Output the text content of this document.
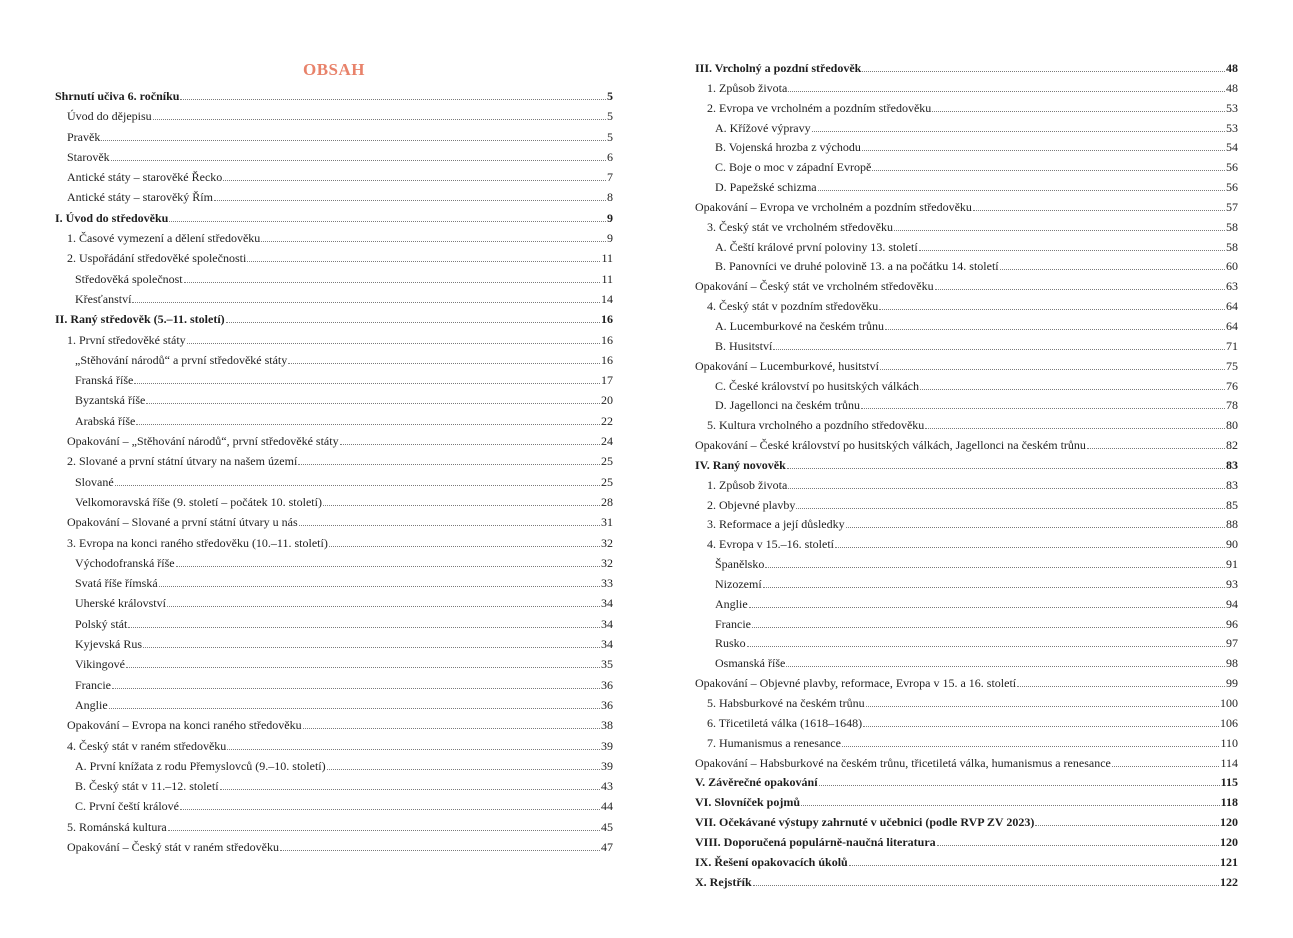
OBSAH
Shrnutí učiva 6. ročníku	5
Úvod do dějepisu	5
Pravěk	5
Starověk	6
Antické státy – starověké Řecko	7
Antické státy – starověký Řím	8
I. Úvod do středověku	9
1. Časové vymezení a dělení středověku	9
2. Uspořádání středověké společnosti	11
Středověká společnost	11
Křesťanství	14
II. Raný středověk (5.–11. století)	16
1. První středověké státy	16
„Stěhování národů“ a první středověké státy	16
Franská říše	17
Byzantská říše	20
Arabská říše	22
Opakování – „Stěhování národů“, první středověké státy	24
2. Slované a první státní útvary na našem území	25
Slované	25
Velkomoravská říše (9. století – počátek 10. století)	28
Opakování – Slované a první státní útvary u nás	31
3. Evropa na konci raného středověku (10.–11. století)	32
Východofranská říše	32
Svatá říše římská	33
Uherské království	34
Polský stát	34
Kyjevská Rus	34
Vikingové	35
Francie	36
Anglie	36
Opakování – Evropa na konci raného středověku	38
4. Český stát v raném středověku	39
A. První knížata z rodu Přemyslovců (9.–10. století)	39
B. Český stát v 11.–12. století	43
C. První čeští králové	44
5. Románská kultura	45
Opakování – Český stát v raném středověku	47
III. Vrcholný a pozdní středověk	48
1. Způsob života	48
2. Evropa ve vrcholném a pozdním středověku	53
A. Křížové výpravy	53
B. Vojenská hrozba z východu	54
C. Boje o moc v západní Evropě	56
D. Papežské schizma	56
Opakování – Evropa ve vrcholném a pozdním středověku	57
3. Český stát ve vrcholném středověku	58
A. Čeští králové první poloviny 13. století	58
B. Panovníci ve druhé polovině 13. a na počátku 14. století	60
Opakování – Český stát ve vrcholném středověku	63
4. Český stát v pozdním středověku	64
A. Lucemburkové na českém trůnu	64
B. Husitství	71
Opakování – Lucemburkové, husitství	75
C. České království po husitských válkách	76
D. Jagellonci na českém trůnu	78
5. Kultura vrcholného a pozdního středověku	80
Opakování – České království po husitských válkách, Jagellonci na českém trůnu	82
IV. Raný novověk	83
1. Způsob života	83
2. Objevné plavby	85
3. Reformace a její důsledky	88
4. Evropa v 15.–16. století	90
Španělsko	91
Nizozemí	93
Anglie	94
Francie	96
Rusko	97
Osmanská říše	98
Opakování – Objevné plavby, reformace, Evropa v 15. a 16. století	99
5. Habsburkové na českém trůnu	100
6. Třicetiletá válka (1618–1648)	106
7. Humanismus a renesance	110
Opakování – Habsburkové na českém trůnu, třicetiletá válka, humanismus a renesance	114
V. Závěrečné opakování	115
VI. Slovníček pojmů	118
VII. Očekávané výstupy zahrnuté v učebnici (podle RVP ZV 2023)	120
VIII. Doporučená populárně-naučná literatura	120
IX. Řešení opakovacích úkolů	121
X. Rejstřík	122
